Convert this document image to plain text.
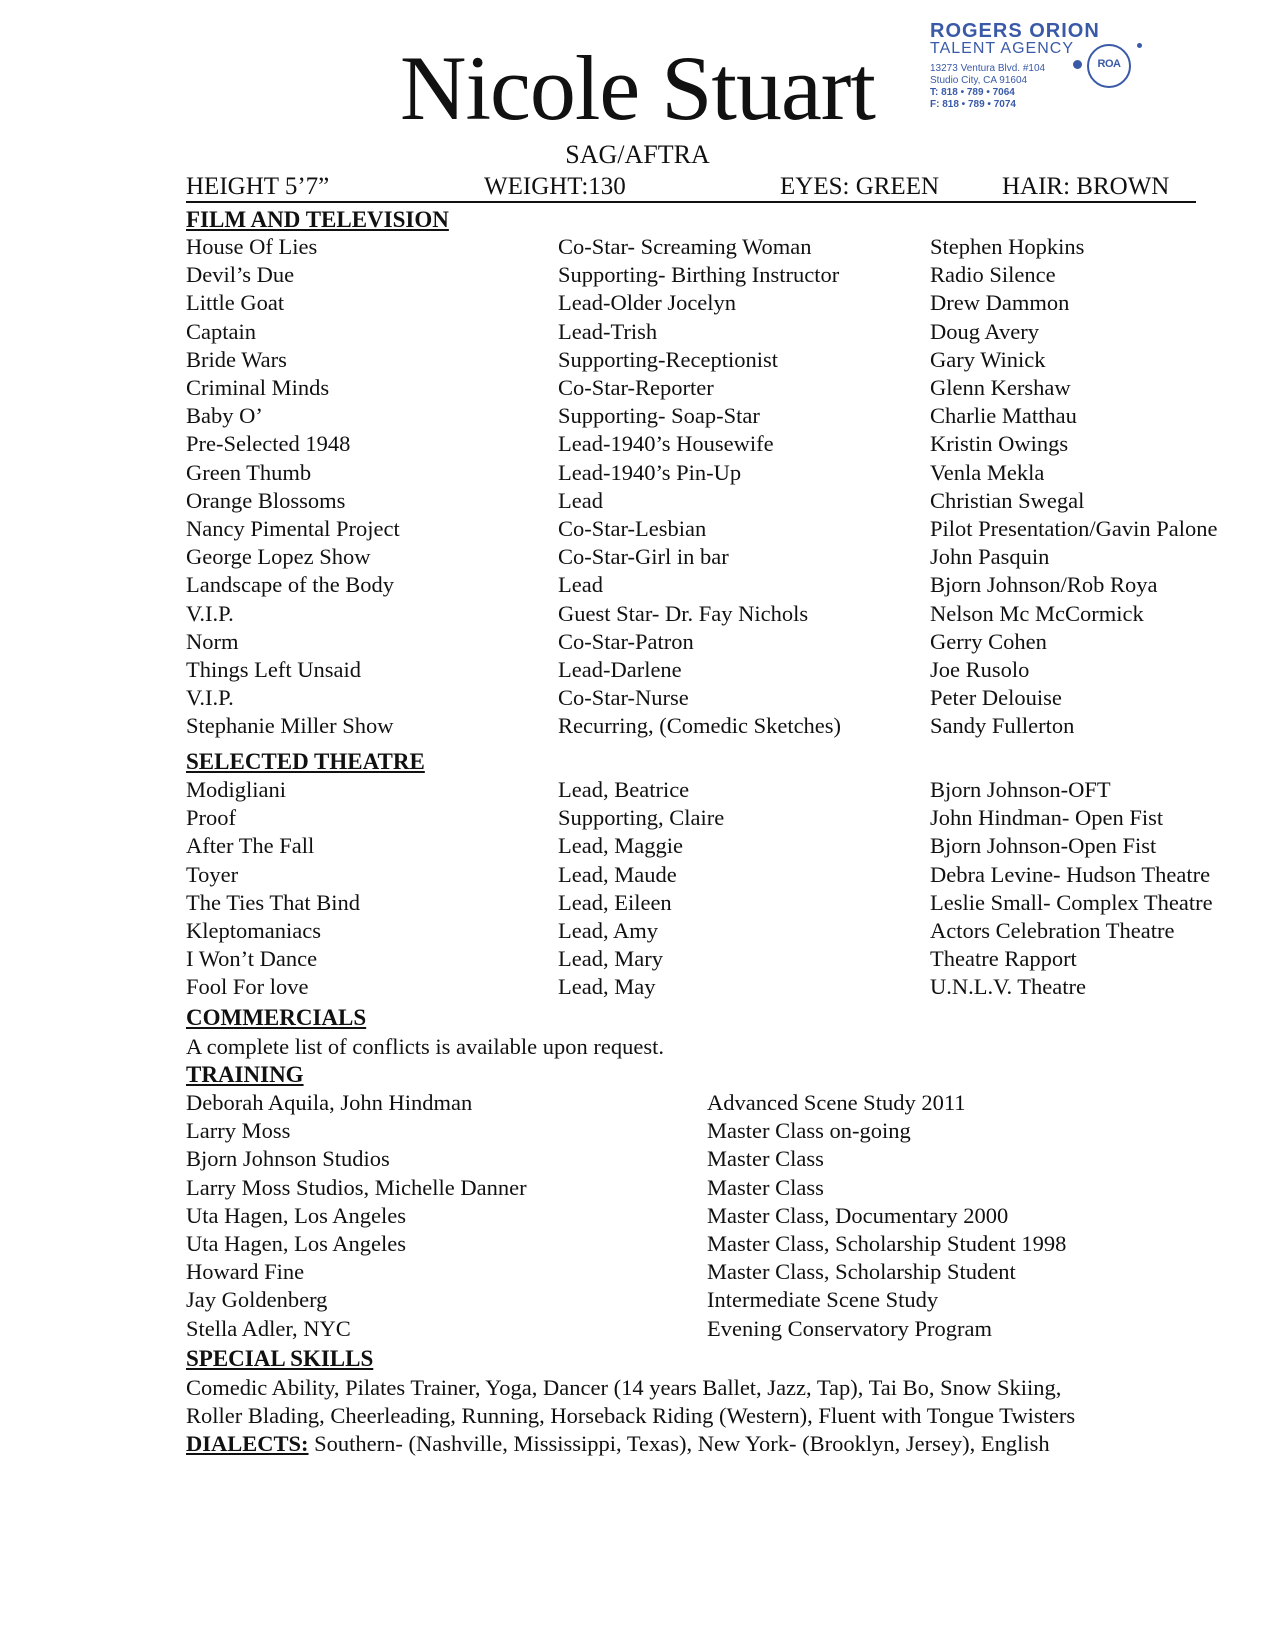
Nicole Stuart
ROGERS ORION
TALENT AGENCY
13273 Ventura Blvd. #104
Studio City, CA 91604
T: 818 • 789 • 7064
F: 818 • 789 • 7074
ROA
SAG/AFTRA
HEIGHT 5’7”	WEIGHT:130	EYES: GREEN	HAIR: BROWN
FILM AND TELEVISION
House Of Lies	Co-Star- Screaming Woman	Stephen Hopkins
Devil’s Due	Supporting- Birthing Instructor	Radio Silence
Little Goat	Lead-Older Jocelyn	Drew Dammon
Captain	Lead-Trish	Doug Avery
Bride Wars	Supporting-Receptionist	Gary Winick
Criminal Minds	Co-Star-Reporter	Glenn Kershaw
Baby O’	Supporting- Soap-Star	Charlie Matthau
Pre-Selected 1948	Lead-1940’s Housewife	Kristin Owings
Green Thumb	Lead-1940’s Pin-Up	Venla Mekla
Orange Blossoms	Lead	Christian Swegal
Nancy Pimental Project	Co-Star-Lesbian	Pilot Presentation/Gavin Palone
George Lopez Show	Co-Star-Girl in bar	John Pasquin
Landscape of the Body	Lead	Bjorn Johnson/Rob Roya
V.I.P.	Guest Star- Dr. Fay Nichols	Nelson Mc McCormick
Norm	Co-Star-Patron	Gerry Cohen
Things Left Unsaid	Lead-Darlene	Joe Rusolo
V.I.P.	Co-Star-Nurse	Peter Delouise
Stephanie Miller Show	Recurring, (Comedic Sketches)	Sandy Fullerton
SELECTED THEATRE
Modigliani	Lead, Beatrice	Bjorn Johnson-OFT
Proof	Supporting, Claire	John Hindman- Open Fist
After The Fall	Lead, Maggie	Bjorn Johnson-Open Fist
Toyer	Lead, Maude	Debra Levine- Hudson Theatre
The Ties That Bind	Lead, Eileen	Leslie Small- Complex Theatre
Kleptomaniacs	Lead, Amy	Actors Celebration Theatre
I Won’t Dance	Lead, Mary	Theatre Rapport
Fool For love	Lead, May	U.N.L.V. Theatre
COMMERCIALS
A complete list of conflicts is available upon request.
TRAINING
Deborah Aquila, John Hindman	Advanced Scene Study 2011
Larry Moss	Master Class on-going
Bjorn Johnson Studios	Master Class
Larry Moss Studios, Michelle Danner	Master Class
Uta Hagen, Los Angeles	Master Class, Documentary 2000
Uta Hagen, Los Angeles	Master Class, Scholarship Student 1998
Howard Fine	Master Class, Scholarship Student
Jay Goldenberg	Intermediate Scene Study
Stella Adler, NYC	Evening Conservatory Program
SPECIAL SKILLS
Comedic Ability, Pilates Trainer, Yoga, Dancer (14 years Ballet, Jazz, Tap), Tai Bo, Snow Skiing,
Roller Blading, Cheerleading, Running, Horseback Riding (Western), Fluent with Tongue Twisters
DIALECTS: Southern- (Nashville, Mississippi, Texas), New York- (Brooklyn, Jersey), English
